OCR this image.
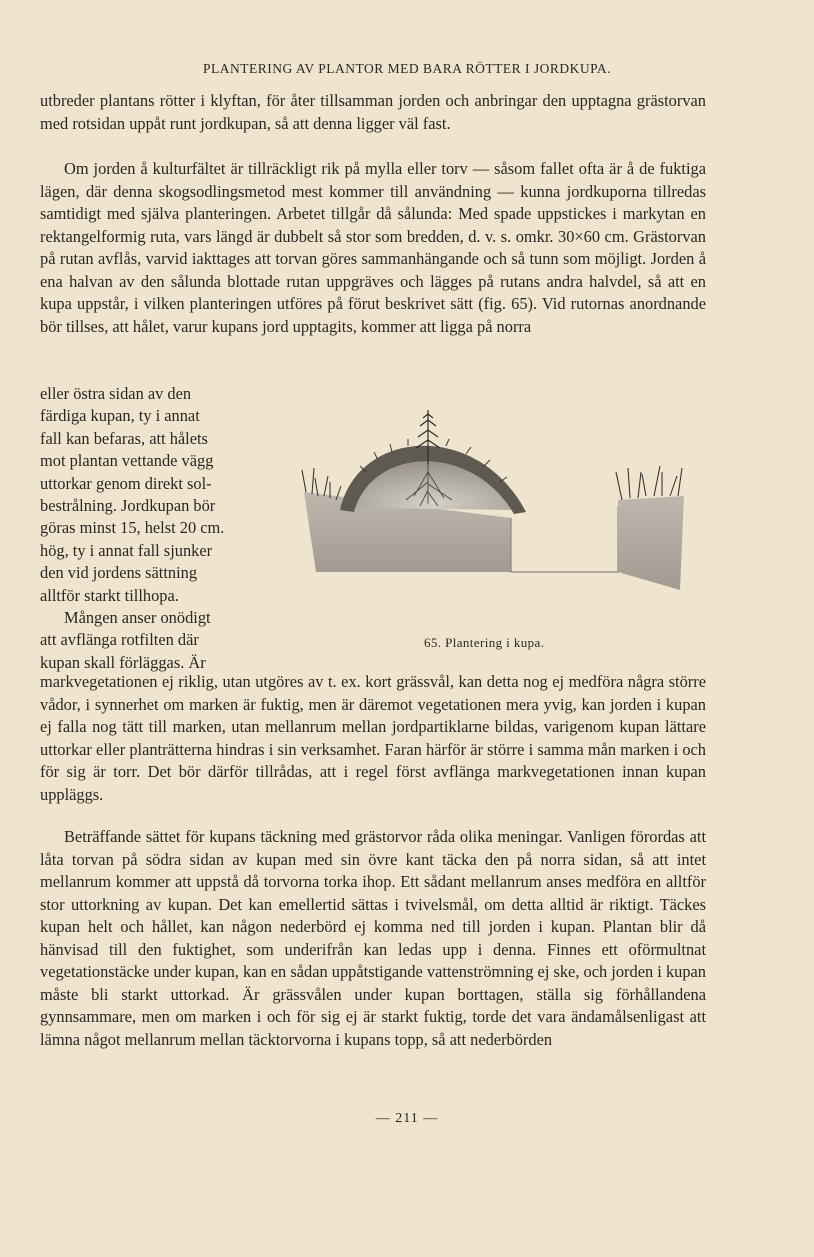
PLANTERING AV PLANTOR MED BARA RÖTTER I JORDKUPA.

utbreder plantans rötter i klyftan, för åter tillsamman jorden och anbringar den upptagna grästorvan med rotsidan uppåt runt jordkupan, så att denna ligger väl fast.

Om jorden å kulturfältet är tillräckligt rik på mylla eller torv — såsom fallet ofta är å de fuktiga lägen, där denna skogsodlingsmetod mest kommer till användning — kunna jordkuporna tillredas samtidigt med själva planteringen. Arbetet tillgår då sålunda: Med spade uppstickes i markytan en rektangelformig ruta, vars längd är dubbelt så stor som bredden, d. v. s. omkr. 30×60 cm. Grästorvan på rutan avflås, varvid iakttages att torvan göres sammanhängande och så tunn som möjligt. Jorden å ena halvan av den sålunda blottade rutan uppgräves och lägges på rutans andra halvdel, så att en kupa uppstår, i vilken planteringen utföres på förut beskrivet sätt (fig. 65). Vid rutornas anordnande bör tillses, att hålet, varur kupans jord upptagits, kommer att ligga på norra

eller östra sidan av den
färdiga kupan, ty i annat
fall kan befaras, att hålets
mot plantan vettande vägg
uttorkar genom direkt sol-
bestrålning. Jordkupan bör
göras minst 15, helst 20 cm.
hög, ty i annat fall sjunker
den vid jordens sättning
alltför starkt tillhopa.
Mången anser onödigt
att avflänga rotfilten där
kupan skall förläggas. Är
65. Plantering i kupa.

markvegetationen ej riklig, utan utgöres av t. ex. kort grässvål, kan detta nog ej medföra några större vådor, i synnerhet om marken är fuktig, men är däremot vegetationen mera yvig, kan jorden i kupan ej falla nog tätt till marken, utan mellanrum mellan jordpartiklarne bildas, varigenom kupan lättare uttorkar eller planträtterna hindras i sin verksamhet. Faran härför är större i samma mån marken i och för sig är torr. Det bör därför tillrådas, att i regel först avflänga markvegetationen innan kupan uppläggs.

Beträffande sättet för kupans täckning med grästorvor råda olika meningar. Vanligen förordas att låta torvan på södra sidan av kupan med sin övre kant täcka den på norra sidan, så att intet mellanrum kommer att uppstå då torvorna torka ihop. Ett sådant mellanrum anses medföra en alltför stor uttorkning av kupan. Det kan emellertid sättas i tvivelsmål, om detta alltid är riktigt. Täckes kupan helt och hållet, kan någon nederbörd ej komma ned till jorden i kupan. Plantan blir då hänvisad till den fuktighet, som underifrån kan ledas upp i denna. Finnes ett oförmultnat vegetationstäcke under kupan, kan en sådan uppåtstigande vattenströmning ej ske, och jorden i kupan måste bli starkt uttorkad. Är grässvålen under kupan borttagen, ställa sig förhållandena gynnsammare, men om marken i och för sig ej är starkt fuktig, torde det vara ändamålsenligast att lämna något mellanrum mellan täcktorvorna i kupans topp, så att nederbörden

— 211 —
